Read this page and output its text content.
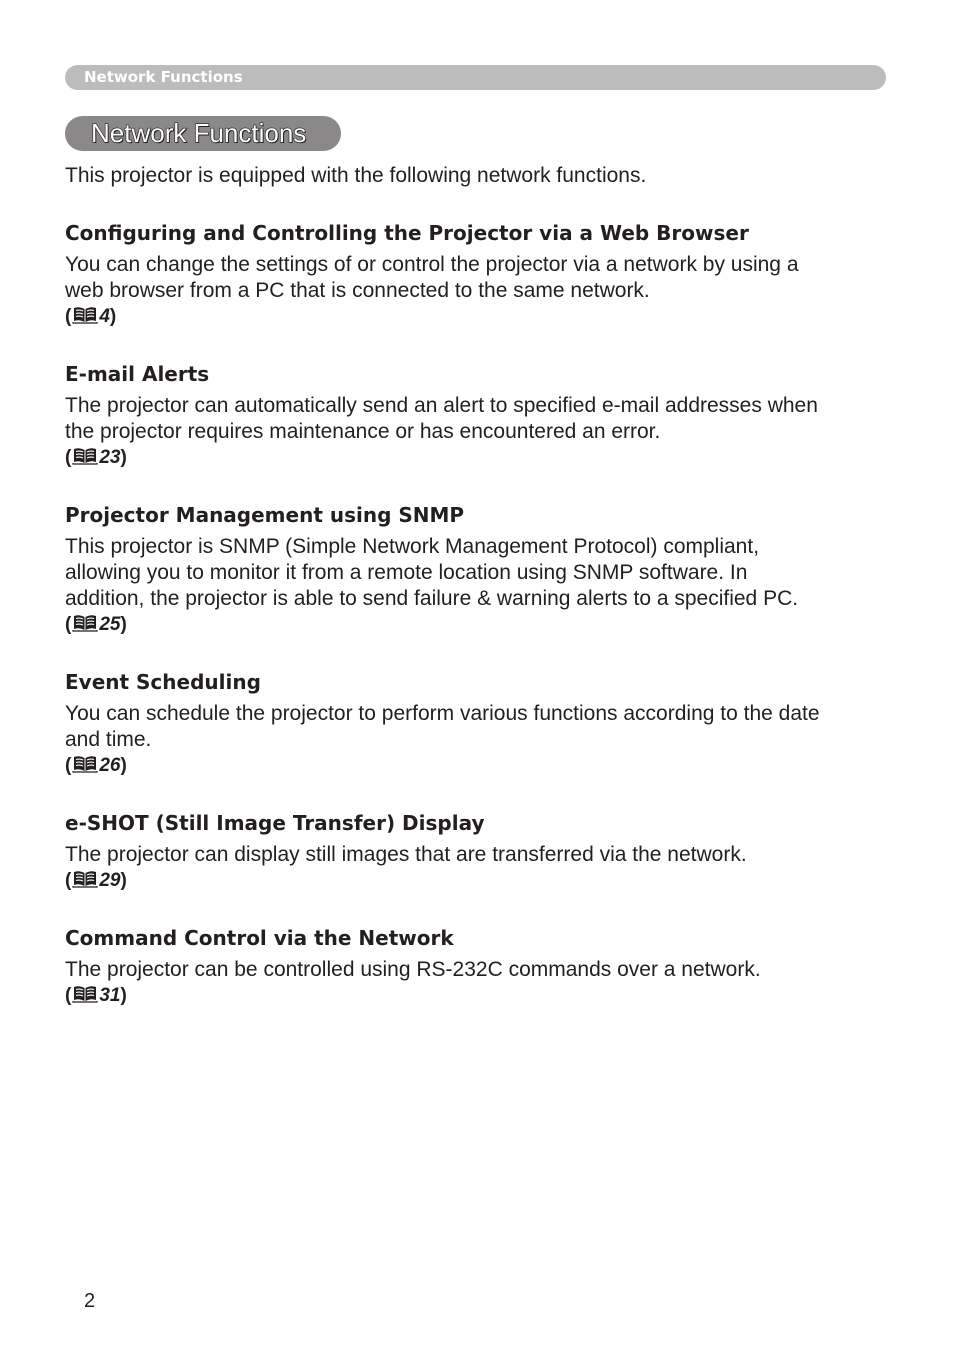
Network Functions
Network Functions
This projector is equipped with the following network functions.
Configuring and Controlling the Projector via a Web Browser
You can change the settings of or control the projector via a network by using a
web browser from a PC that is connected to the same network.
( 4)
E-mail Alerts
The projector can automatically send an alert to specified e-mail addresses when
the projector requires maintenance or has encountered an error.
( 23)
Projector Management using SNMP
This projector is SNMP (Simple Network Management Protocol) compliant,
allowing you to monitor it from a remote location using SNMP software. In
addition, the projector is able to send failure & warning alerts to a specified PC.
( 25)
Event Scheduling
You can schedule the projector to perform various functions according to the date
and time.
( 26)
e-SHOT (Still Image Transfer) Display
The projector can display still images that are transferred via the network.
( 29)
Command Control via the Network
The projector can be controlled using RS-232C commands over a network.
( 31)
2
